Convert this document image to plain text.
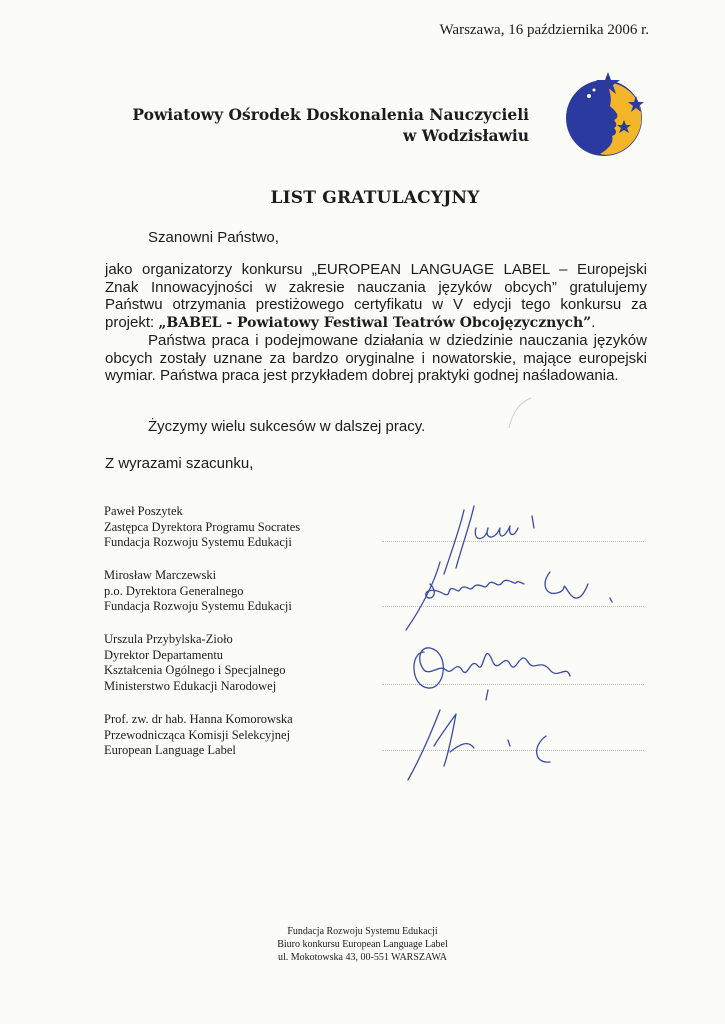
Warszawa, 16 października 2006 r.
Powiatowy Ośrodek Doskonalenia Nauczycieli
w Wodzisławiu
LIST GRATULACYJNY
Szanowni Państwo,

jako organizatorzy konkursu „EUROPEAN LANGUAGE LABEL – Europejski Znak Innowacyjności w zakresie nauczania języków obcych” gratulujemy Państwu otrzymania prestiżowego certyfikatu w V edycji tego konkursu za projekt: „BABEL - Powiatowy Festiwal Teatrów Obcojęzycznych”.

Państwa praca i podejmowane działania w dziedzinie nauczania języków obcych zostały uznane za bardzo oryginalne i nowatorskie, mające europejski wymiar. Państwa praca jest przykładem dobrej praktyki godnej naśladowania.

Życzymy wielu sukcesów w dalszej pracy.
Z wyrazami szacunku,
Paweł Poszytek
Zastępca Dyrektora Programu Socrates
Fundacja Rozwoju Systemu Edukacji
Mirosław Marczewski
p.o. Dyrektora Generalnego
Fundacja Rozwoju Systemu Edukacji
Urszula Przybylska-Zioło
Dyrektor Departamentu
Kształcenia Ogólnego i Specjalnego
Ministerstwo Edukacji Narodowej
Prof. zw. dr hab. Hanna Komorowska
Przewodnicząca Komisji Selekcyjnej
European Language Label
Fundacja Rozwoju Systemu Edukacji
Biuro konkursu European Language Label
ul. Mokotowska 43, 00-551 WARSZAWA
